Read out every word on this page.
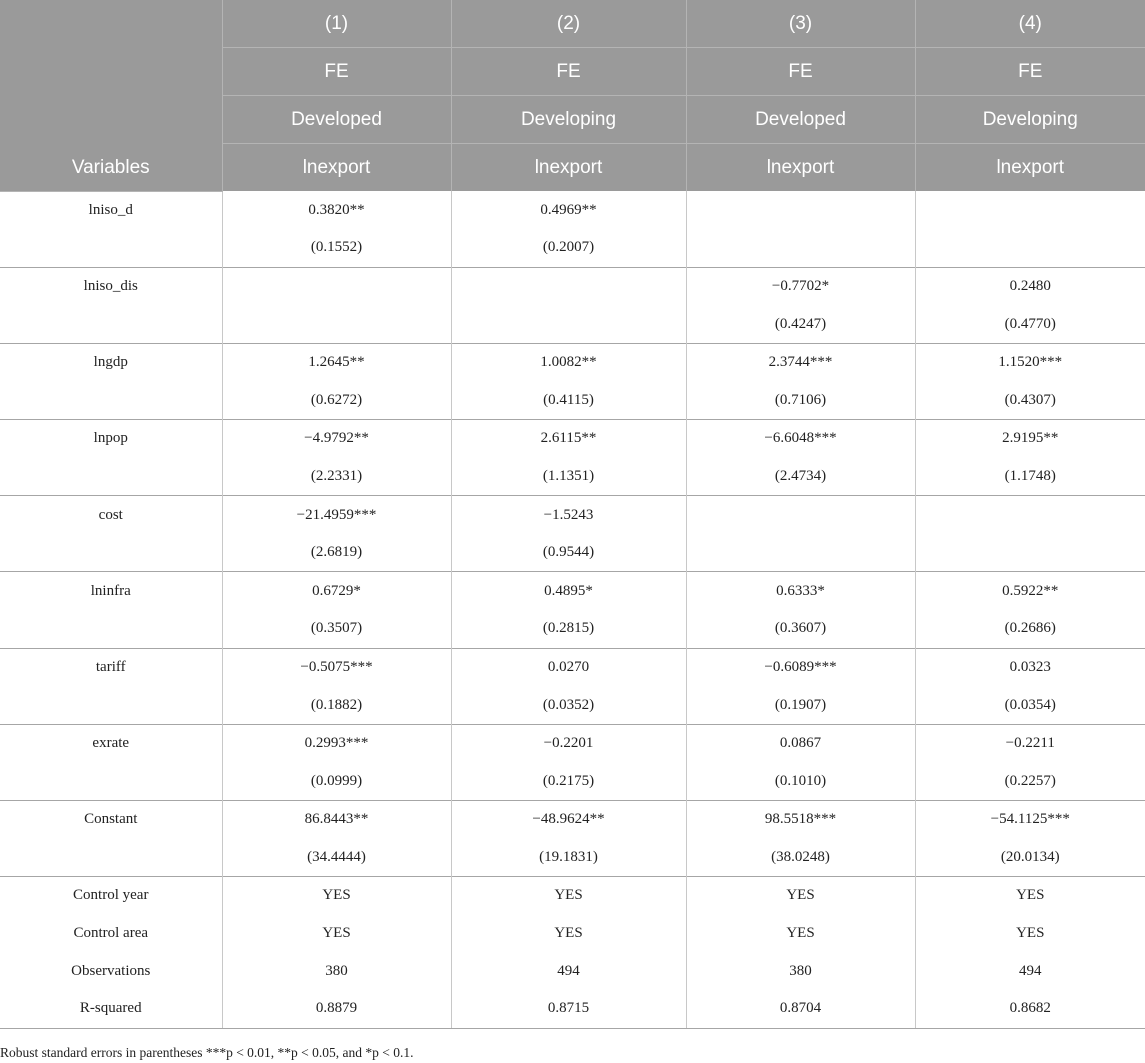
Variables	(1)	(2)	(3)	(4)
	FE	FE	FE	FE
	Developed	Developing	Developed	Developing
	lnexport	lnexport	lnexport	lnexport
lniso_d	0.3820**	0.4969**		
	(0.1552)	(0.2007)		
lniso_dis			−0.7702*	0.2480
			(0.4247)	(0.4770)
lngdp	1.2645**	1.0082**	2.3744***	1.1520***
	(0.6272)	(0.4115)	(0.7106)	(0.4307)
lnpop	−4.9792**	2.6115**	−6.6048***	2.9195**
	(2.2331)	(1.1351)	(2.4734)	(1.1748)
cost	−21.4959***	−1.5243		
	(2.6819)	(0.9544)		
lninfra	0.6729*	0.4895*	0.6333*	0.5922**
	(0.3507)	(0.2815)	(0.3607)	(0.2686)
tariff	−0.5075***	0.0270	−0.6089***	0.0323
	(0.1882)	(0.0352)	(0.1907)	(0.0354)
exrate	0.2993***	−0.2201	0.0867	−0.2211
	(0.0999)	(0.2175)	(0.1010)	(0.2257)
Constant	86.8443**	−48.9624**	98.5518***	−54.1125***
	(34.4444)	(19.1831)	(38.0248)	(20.0134)
Control year	YES	YES	YES	YES
Control area	YES	YES	YES	YES
Observations	380	494	380	494
R-squared	0.8879	0.8715	0.8704	0.8682
Robust standard errors in parentheses ***p < 0.01, **p < 0.05, and *p < 0.1.
